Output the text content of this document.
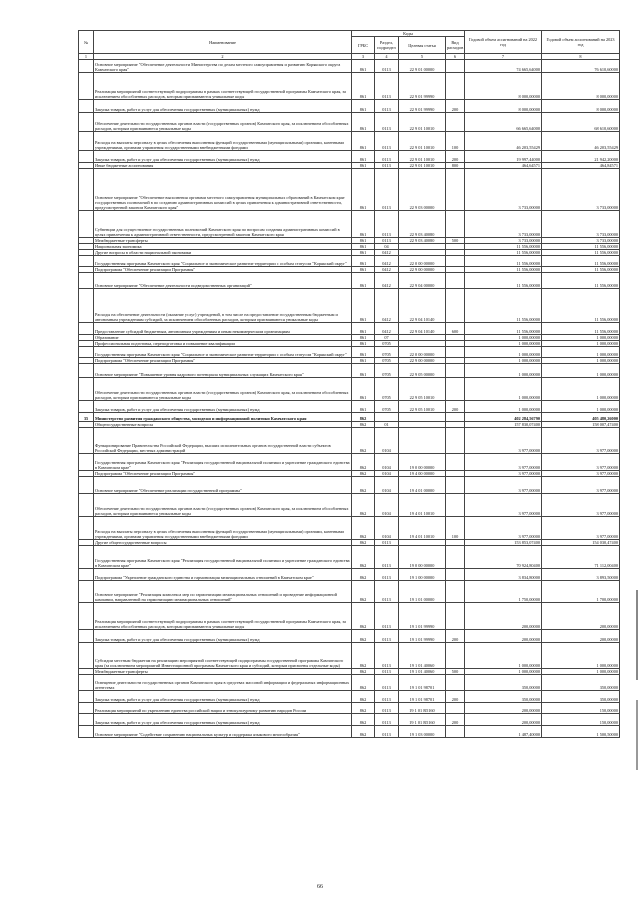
№	Наименование	Коды				Годовой объем ассигнований на 2022 год	Годовой объем ассигнований на 2023 год
		ГРБС	Раздел, подраздел	Целевая статья	Вид расходов		
1	2	3	4	5	6	7	8
	Основное мероприятие "Обеспечение деятельности Министерства по делам местного самоуправления и развитию Корякского округа Камчатского края"	861	0113	22 9 01 00000		74 665,64000	76 610,60000
	Реализация мероприятий соответствующей подпрограммы в рамках соответствующей государственной программы Камчатского края, за исключением обособленных расходов, которым присваиваются уникальные коды	861	0113	22 9 01 99990		8 000,00000	8 000,00000
	Закупка товаров, работ и услуг для обеспечения государственных (муниципальных) нужд	861	0113	22 9 01 99990	200	8 000,00000	8 000,00000
	Обеспечение деятельности государственных органов власти (государственных органов) Камчатского края, за исключением обособленных расходов, которым присваиваются уникальные коды	861	0113	22 9 01 10010		66 665,64000	68 610,60000
	Расходы на выплаты персоналу в целях обеспечения выполнения функций государственными (муниципальными) органами, казенными учреждениями, органами управления государственными внебюджетными фондами	861	0113	22 9 01 10010	100	46 203,55429	46 203,55429
	Закупка товаров, работ и услуг для обеспечения государственных (муниципальных) нужд	861	0113	22 9 01 10010	200	19 997,44000	21 942,20000
	Иные бюджетные ассигнования	861	0113	22 9 01 10010	800	464,64571	464,84571
	Основное мероприятие "Обеспечение выполнения органами местного самоуправления муниципальных образований в Камчатском крае государственных полномочий в по созданию административных комиссий в целях привлечения к административной ответственности, предусмотренной законом Камчатского края"	861	0113	22 9 03 00000		3 733,00000	3 733,00000
	Субвенции для осуществление государственных полномочий Камчатского края по вопросам создания административных комиссий в целях привлечения к административной ответственности, предусмотренной законом Камчатского края	861	0113	22 9 03 40080		3 733,00000	3 733,00000
	Межбюджетные трансферты	861	0113	22 9 03 40080	500	3 733,00000	3 733,00000
	Национальная экономика	861	04			11 556,00000	11 556,00000
	Другие вопросы в области национальной экономики	861	0412			11 556,00000	11 556,00000
	Государственная программа Камчатского края "Социальное и экономическое развитие территории с особым статусом "Корякский округ"	861	0412	22 0 00 00000		11 556,00000	11 556,00000
	Подпрограмма "Обеспечение реализации Программы"	861	0412	22 9 00 00000		11 556,00000	11 556,00000
	Основное мероприятие "Обеспечение деятельности подведомственных организаций"	861	0412	22 9 04 00000		11 556,00000	11 556,00000
	Расходы на обеспечение деятельности (оказание услуг) учреждений, в том числе на предоставление государственным бюджетным и автономным учреждениям субсидий, за исключением обособленных расходов, которым присваиваются уникальные коды	861	0412	22 9 04 10140		11 556,00000	11 556,00000
	Предоставление субсидий бюджетным, автономным учреждениям и иным некоммерческим организациям	861	0412	22 9 04 10140	600	11 556,00000	11 556,00000
	Образование	861	07			1 000,00000	1 000,00000
	Профессиональная подготовка, переподготовка и повышение квалификации	861	0705			1 000,00000	1 000,00000
	Государственная программа Камчатского края "Социальное и экономическое развитие территории с особым статусом "Корякский округ"	861	0705	22 0 00 00000		1 000,00000	1 000,00000
	Подпрограмма "Обеспечение реализации Программы"	861	0705	22 9 00 00000		1 000,00000	1 000,00000
	Основное мероприятие "Повышение уровня кадрового потенциала муниципальных служащих Камчатского края"	861	0705	22 9 05 00000		1 000,00000	1 000,00000
	Обеспечение деятельности государственных органов власти (государственных органов) Камчатского края, за исключением обособленных расходов, которым присваиваются уникальные коды	861	0705	22 9 05 10010		1 000,00000	1 000,00000
	Закупка товаров, работ и услуг для обеспечения государственных (муниципальных) нужд	861	0705	22 9 05 10010	200	1 000,00000	1 000,00000
35	Министерство развития гражданского общества, молодежи и информационной политики Камчатского края	862				402 284,56790	405 480,26000
	Общегосударственные вопросы	862	01			157 830,07400	158 007,47400
	Функционирование Правительства Российской Федерации, высших исполнительных органов государственной власти субъектов Российской Федерации, местных администраций	862	0104			3 977,00000	3 977,00000
	Государственная программа Камчатского края "Реализация государственной национальной политики и укрепление гражданского единства в Камчатском крае"	862	0104	19 0 00 00000		3 977,00000	3 977,00000
	Подпрограмма "Обеспечение реализации Программы"	862	0104	19 4 00 00000		3 977,00000	3 977,00000
	Основное мероприятие "Обеспечение реализации государственной программы"	862	0104	19 4 01 00000		3 977,00000	3 977,00000
	Обеспечение деятельности государственных органов власти (государственных органов) Камчатского края, за исключением обособленных расходов, которым присваиваются уникальные коды	862	0104	19 4 01 10010		3 977,00000	3 977,00000
	Расходы на выплаты персоналу в целях обеспечения выполнения функций государственными (муниципальными) органами, казенными учреждениями, органами управления государственными внебюджетными фондами	862	0104	19 4 01 10010	100	3 977,00000	3 977,00000
	Другие общегосударственные вопросы	862	0113			153 853,07400	154 030,47400
	Государственная программа Камчатского края "Реализация государственной национальной политики и укрепление гражданского единства в Камчатском крае"	862	0113	19 0 00 00000		70 924,80400	71 112,00400
	Подпрограмма "Укрепление гражданского единства и гармонизация межнациональных отношений в Камчатском крае"	862	0113	19 1 00 00000		3 834,80000	3 893,50000
	Основное мероприятие "Реализация комплекса мер по гармонизации межнациональных отношений и проведение информационной кампании, направленной на гармонизацию межнациональных отношений"	862	0113	19 1 01 00000		1 750,00000	1 700,00000
	Реализация мероприятий соответствующей подпрограммы в рамках соответствующей государственной программы Камчатского края, за исключением обособленных расходов, которым присваиваются уникальные коды	862	0113	19 1 01 99990		200,00000	200,00000
	Закупка товаров, работ и услуг для обеспечения государственных (муниципальных) нужд	862	0113	19 1 01 99990	200	200,00000	200,00000
	Субсидии местным бюджетам на реализацию мероприятий соответствующей подпрограммы государственной программы Камчатского края (за исключением мероприятий Инвестиционной программы Камчатского края и субсидий, которым присвоены отдельные коды)	862	0113	19 1 01 40060		1 000,00000	1 000,00000
	Межбюджетные трансферты	862	0113	19 1 01 40060	500	1 000,00000	1 000,00000
	Освещение деятельности государственных органов Камчатского края в средствах массовой информации и федеральных информационных агентствах	862	0113	19 1 01 98701		350,00000	350,00000
	Закупка товаров, работ и услуг для обеспечения государственных (муниципальных) нужд	862	0113	19 1 01 98701	200	350,00000	350,00000
	Реализация мероприятий по укреплению единства российской нации и этнокультурному развитию народов России	862	0113	19 1 01 R5160		200,00000	150,00000
	Закупка товаров, работ и услуг для обеспечения государственных (муниципальных) нужд	862	0113	19 1 01 R5160	200	200,00000	150,00000
	Основное мероприятие "Содействие сохранению национальных культур и поддержка языкового многообразия"	862	0113	19 1 03 00000		1 487,40000	1 500,50000
66
